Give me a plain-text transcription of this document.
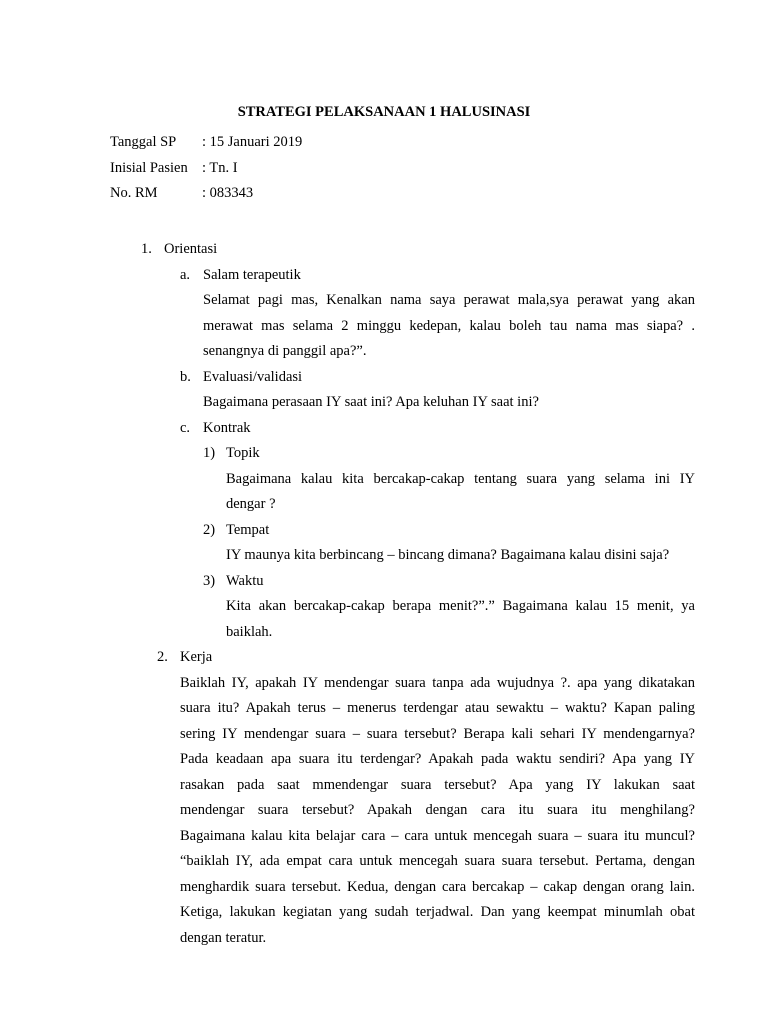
STRATEGI PELAKSANAAN 1 HALUSINASI
Tanggal SP	: 15 Januari 2019
Inisial Pasien : Tn. I
No. RM	: 083343
1. Orientasi
a. Salam terapeutik
Selamat pagi mas, Kenalkan nama saya perawat mala,sya perawat yang akan
merawat mas selama 2 minggu kedepan, kalau boleh tau nama mas siapa? .
senangnya di panggil apa?”.
b. Evaluasi/validasi
Bagaimana perasaan IY saat ini? Apa keluhan IY saat ini?
c. Kontrak
1) Topik
Bagaimana kalau kita bercakap-cakap tentang suara yang selama ini IY
dengar ?
2) Tempat
IY maunya kita berbincang – bincang dimana? Bagaimana kalau disini saja?
3) Waktu
Kita akan bercakap-cakap berapa menit?”.” Bagaimana kalau 15 menit, ya
baiklah.
2. Kerja
Baiklah IY, apakah IY mendengar suara tanpa ada wujudnya ?. apa yang dikatakan
suara itu? Apakah terus – menerus terdengar atau sewaktu – waktu? Kapan paling
sering IY mendengar suara – suara tersebut? Berapa kali sehari IY mendengarnya?
Pada keadaan apa suara itu terdengar? Apakah pada waktu sendiri? Apa yang IY
rasakan pada saat mmendengar suara tersebut? Apa yang IY lakukan saat
mendengar suara tersebut? Apakah dengan cara itu suara itu menghilang?
Bagaimana kalau kita belajar cara – cara untuk mencegah suara – suara itu muncul?
“baiklah IY, ada empat cara untuk mencegah suara suara tersebut. Pertama, dengan
menghardik suara tersebut. Kedua, dengan cara bercakap – cakap dengan orang lain.
Ketiga, lakukan kegiatan yang sudah terjadwal. Dan yang keempat minumlah obat
dengan teratur.
